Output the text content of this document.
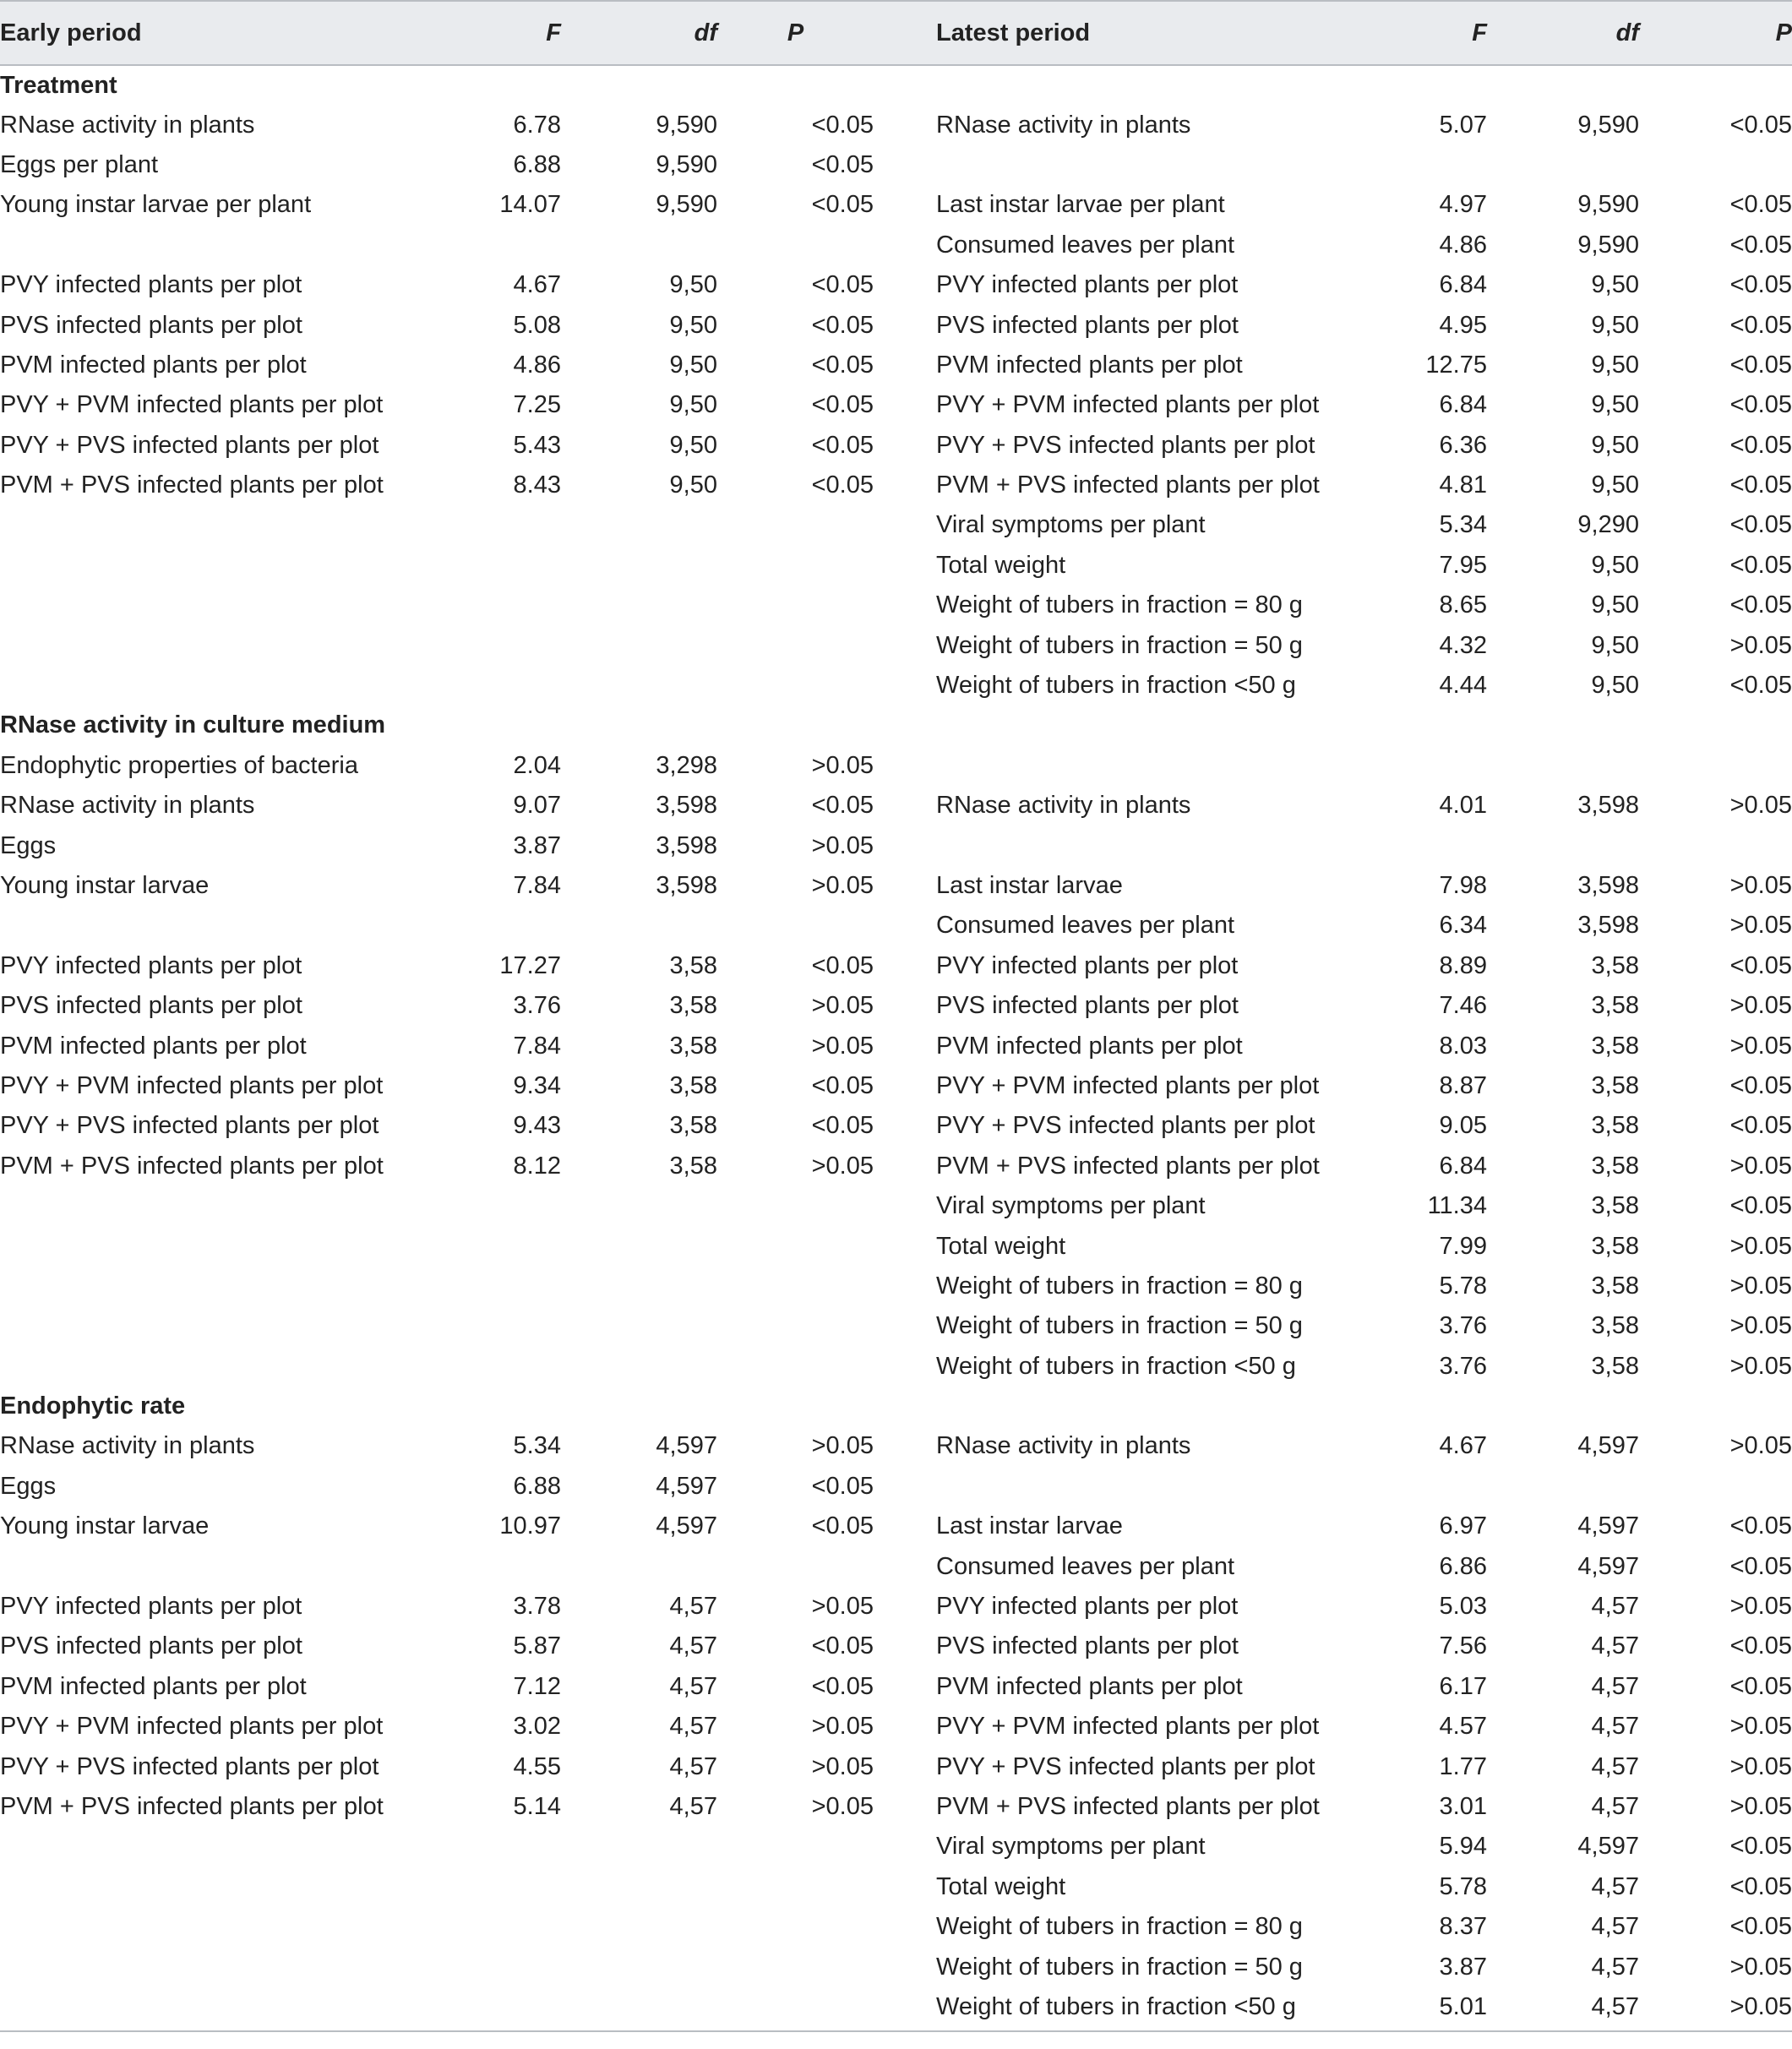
Early period	F	df	P		Latest period	F	df	P
Treatment								
RNase activity in plants	6.78	9,590	<0.05		RNase activity in plants	5.07	9,590	<0.05
Eggs per plant	6.88	9,590	<0.05					
Young instar larvae per plant	14.07	9,590	<0.05		Last instar larvae per plant	4.97	9,590	<0.05
					Consumed leaves per plant	4.86	9,590	<0.05
PVY infected plants per plot	4.67	9,50	<0.05		PVY infected plants per plot	6.84	9,50	<0.05
PVS infected plants per plot	5.08	9,50	<0.05		PVS infected plants per plot	4.95	9,50	<0.05
PVM infected plants per plot	4.86	9,50	<0.05		PVM infected plants per plot	12.75	9,50	<0.05
PVY + PVM infected plants per plot	7.25	9,50	<0.05		PVY + PVM infected plants per plot	6.84	9,50	<0.05
PVY + PVS infected plants per plot	5.43	9,50	<0.05		PVY + PVS infected plants per plot	6.36	9,50	<0.05
PVM + PVS infected plants per plot	8.43	9,50	<0.05		PVM + PVS infected plants per plot	4.81	9,50	<0.05
					Viral symptoms per plant	5.34	9,290	<0.05
					Total weight	7.95	9,50	<0.05
					Weight of tubers in fraction = 80 g	8.65	9,50	<0.05
					Weight of tubers in fraction = 50 g	4.32	9,50	>0.05
					Weight of tubers in fraction <50 g	4.44	9,50	<0.05
RNase activity in culture medium								
Endophytic properties of bacteria	2.04	3,298	>0.05					
RNase activity in plants	9.07	3,598	<0.05		RNase activity in plants	4.01	3,598	>0.05
Eggs	3.87	3,598	>0.05					
Young instar larvae	7.84	3,598	>0.05		Last instar larvae	7.98	3,598	>0.05
					Consumed leaves per plant	6.34	3,598	>0.05
PVY infected plants per plot	17.27	3,58	<0.05		PVY infected plants per plot	8.89	3,58	<0.05
PVS infected plants per plot	3.76	3,58	>0.05		PVS infected plants per plot	7.46	3,58	>0.05
PVM infected plants per plot	7.84	3,58	>0.05		PVM infected plants per plot	8.03	3,58	>0.05
PVY + PVM infected plants per plot	9.34	3,58	<0.05		PVY + PVM infected plants per plot	8.87	3,58	<0.05
PVY + PVS infected plants per plot	9.43	3,58	<0.05		PVY + PVS infected plants per plot	9.05	3,58	<0.05
PVM + PVS infected plants per plot	8.12	3,58	>0.05		PVM + PVS infected plants per plot	6.84	3,58	>0.05
					Viral symptoms per plant	11.34	3,58	<0.05
					Total weight	7.99	3,58	>0.05
					Weight of tubers in fraction = 80 g	5.78	3,58	>0.05
					Weight of tubers in fraction = 50 g	3.76	3,58	>0.05
					Weight of tubers in fraction <50 g	3.76	3,58	>0.05
Endophytic rate								
RNase activity in plants	5.34	4,597	>0.05		RNase activity in plants	4.67	4,597	>0.05
Eggs	6.88	4,597	<0.05					
Young instar larvae	10.97	4,597	<0.05		Last instar larvae	6.97	4,597	<0.05
					Consumed leaves per plant	6.86	4,597	<0.05
PVY infected plants per plot	3.78	4,57	>0.05		PVY infected plants per plot	5.03	4,57	>0.05
PVS infected plants per plot	5.87	4,57	<0.05		PVS infected plants per plot	7.56	4,57	<0.05
PVM infected plants per plot	7.12	4,57	<0.05		PVM infected plants per plot	6.17	4,57	<0.05
PVY + PVM infected plants per plot	3.02	4,57	>0.05		PVY + PVM infected plants per plot	4.57	4,57	>0.05
PVY + PVS infected plants per plot	4.55	4,57	>0.05		PVY + PVS infected plants per plot	1.77	4,57	>0.05
PVM + PVS infected plants per plot	5.14	4,57	>0.05		PVM + PVS infected plants per plot	3.01	4,57	>0.05
					Viral symptoms per plant	5.94	4,597	<0.05
					Total weight	5.78	4,57	<0.05
					Weight of tubers in fraction = 80 g	8.37	4,57	<0.05
					Weight of tubers in fraction = 50 g	3.87	4,57	>0.05
					Weight of tubers in fraction <50 g	5.01	4,57	>0.05
